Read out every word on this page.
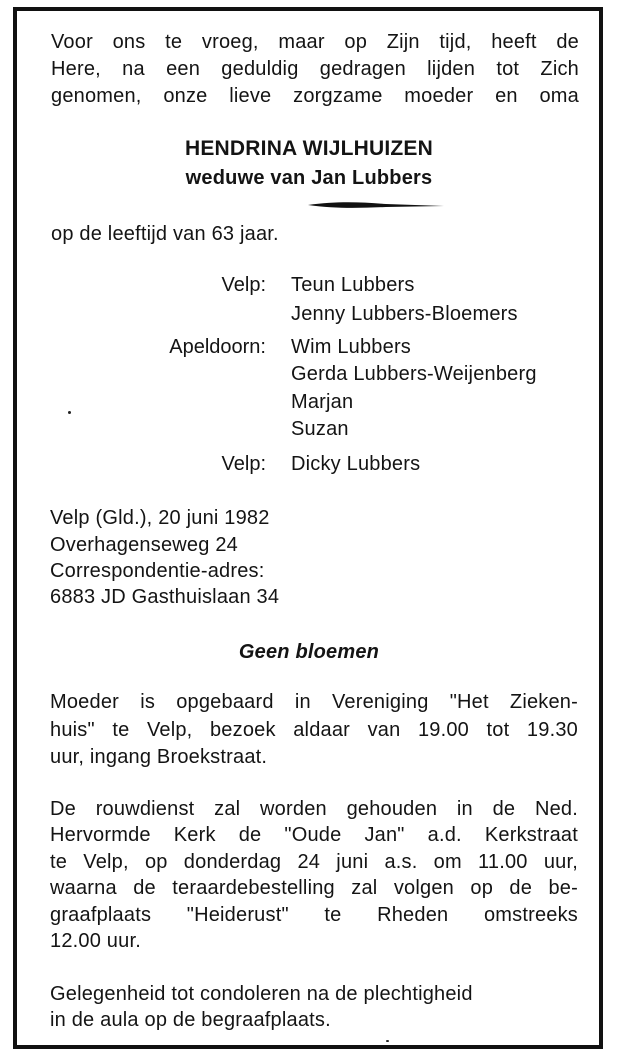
Voor ons te vroeg, maar op Zijn tijd, heeft de
Here, na een geduldig gedragen lijden tot Zich
genomen, onze lieve zorgzame moeder en oma
HENDRINA WIJLHUIZEN
weduwe van Jan Lubbers
op de leeftijd van 63 jaar.
Velp: Teun Lubbers
Jenny Lubbers-Bloemers
Apeldoorn: Wim Lubbers
Gerda Lubbers-Weijenberg
Marjan
Suzan
Velp: Dicky Lubbers
Velp (Gld.), 20 juni 1982
Overhagenseweg 24
Correspondentie-adres:
6883 JD Gasthuislaan 34
Geen bloemen
Moeder is opgebaard in Vereniging "Het Zieken-
huis" te Velp, bezoek aldaar van 19.00 tot 19.30
uur, ingang Broekstraat.
De rouwdienst zal worden gehouden in de Ned.
Hervormde Kerk de "Oude Jan" a.d. Kerkstraat
te Velp, op donderdag 24 juni a.s. om 11.00 uur,
waarna de teraardebestelling zal volgen op de be-
graafplaats "Heiderust" te Rheden omstreeks
12.00 uur.
Gelegenheid tot condoleren na de plechtigheid
in de aula op de begraafplaats.
